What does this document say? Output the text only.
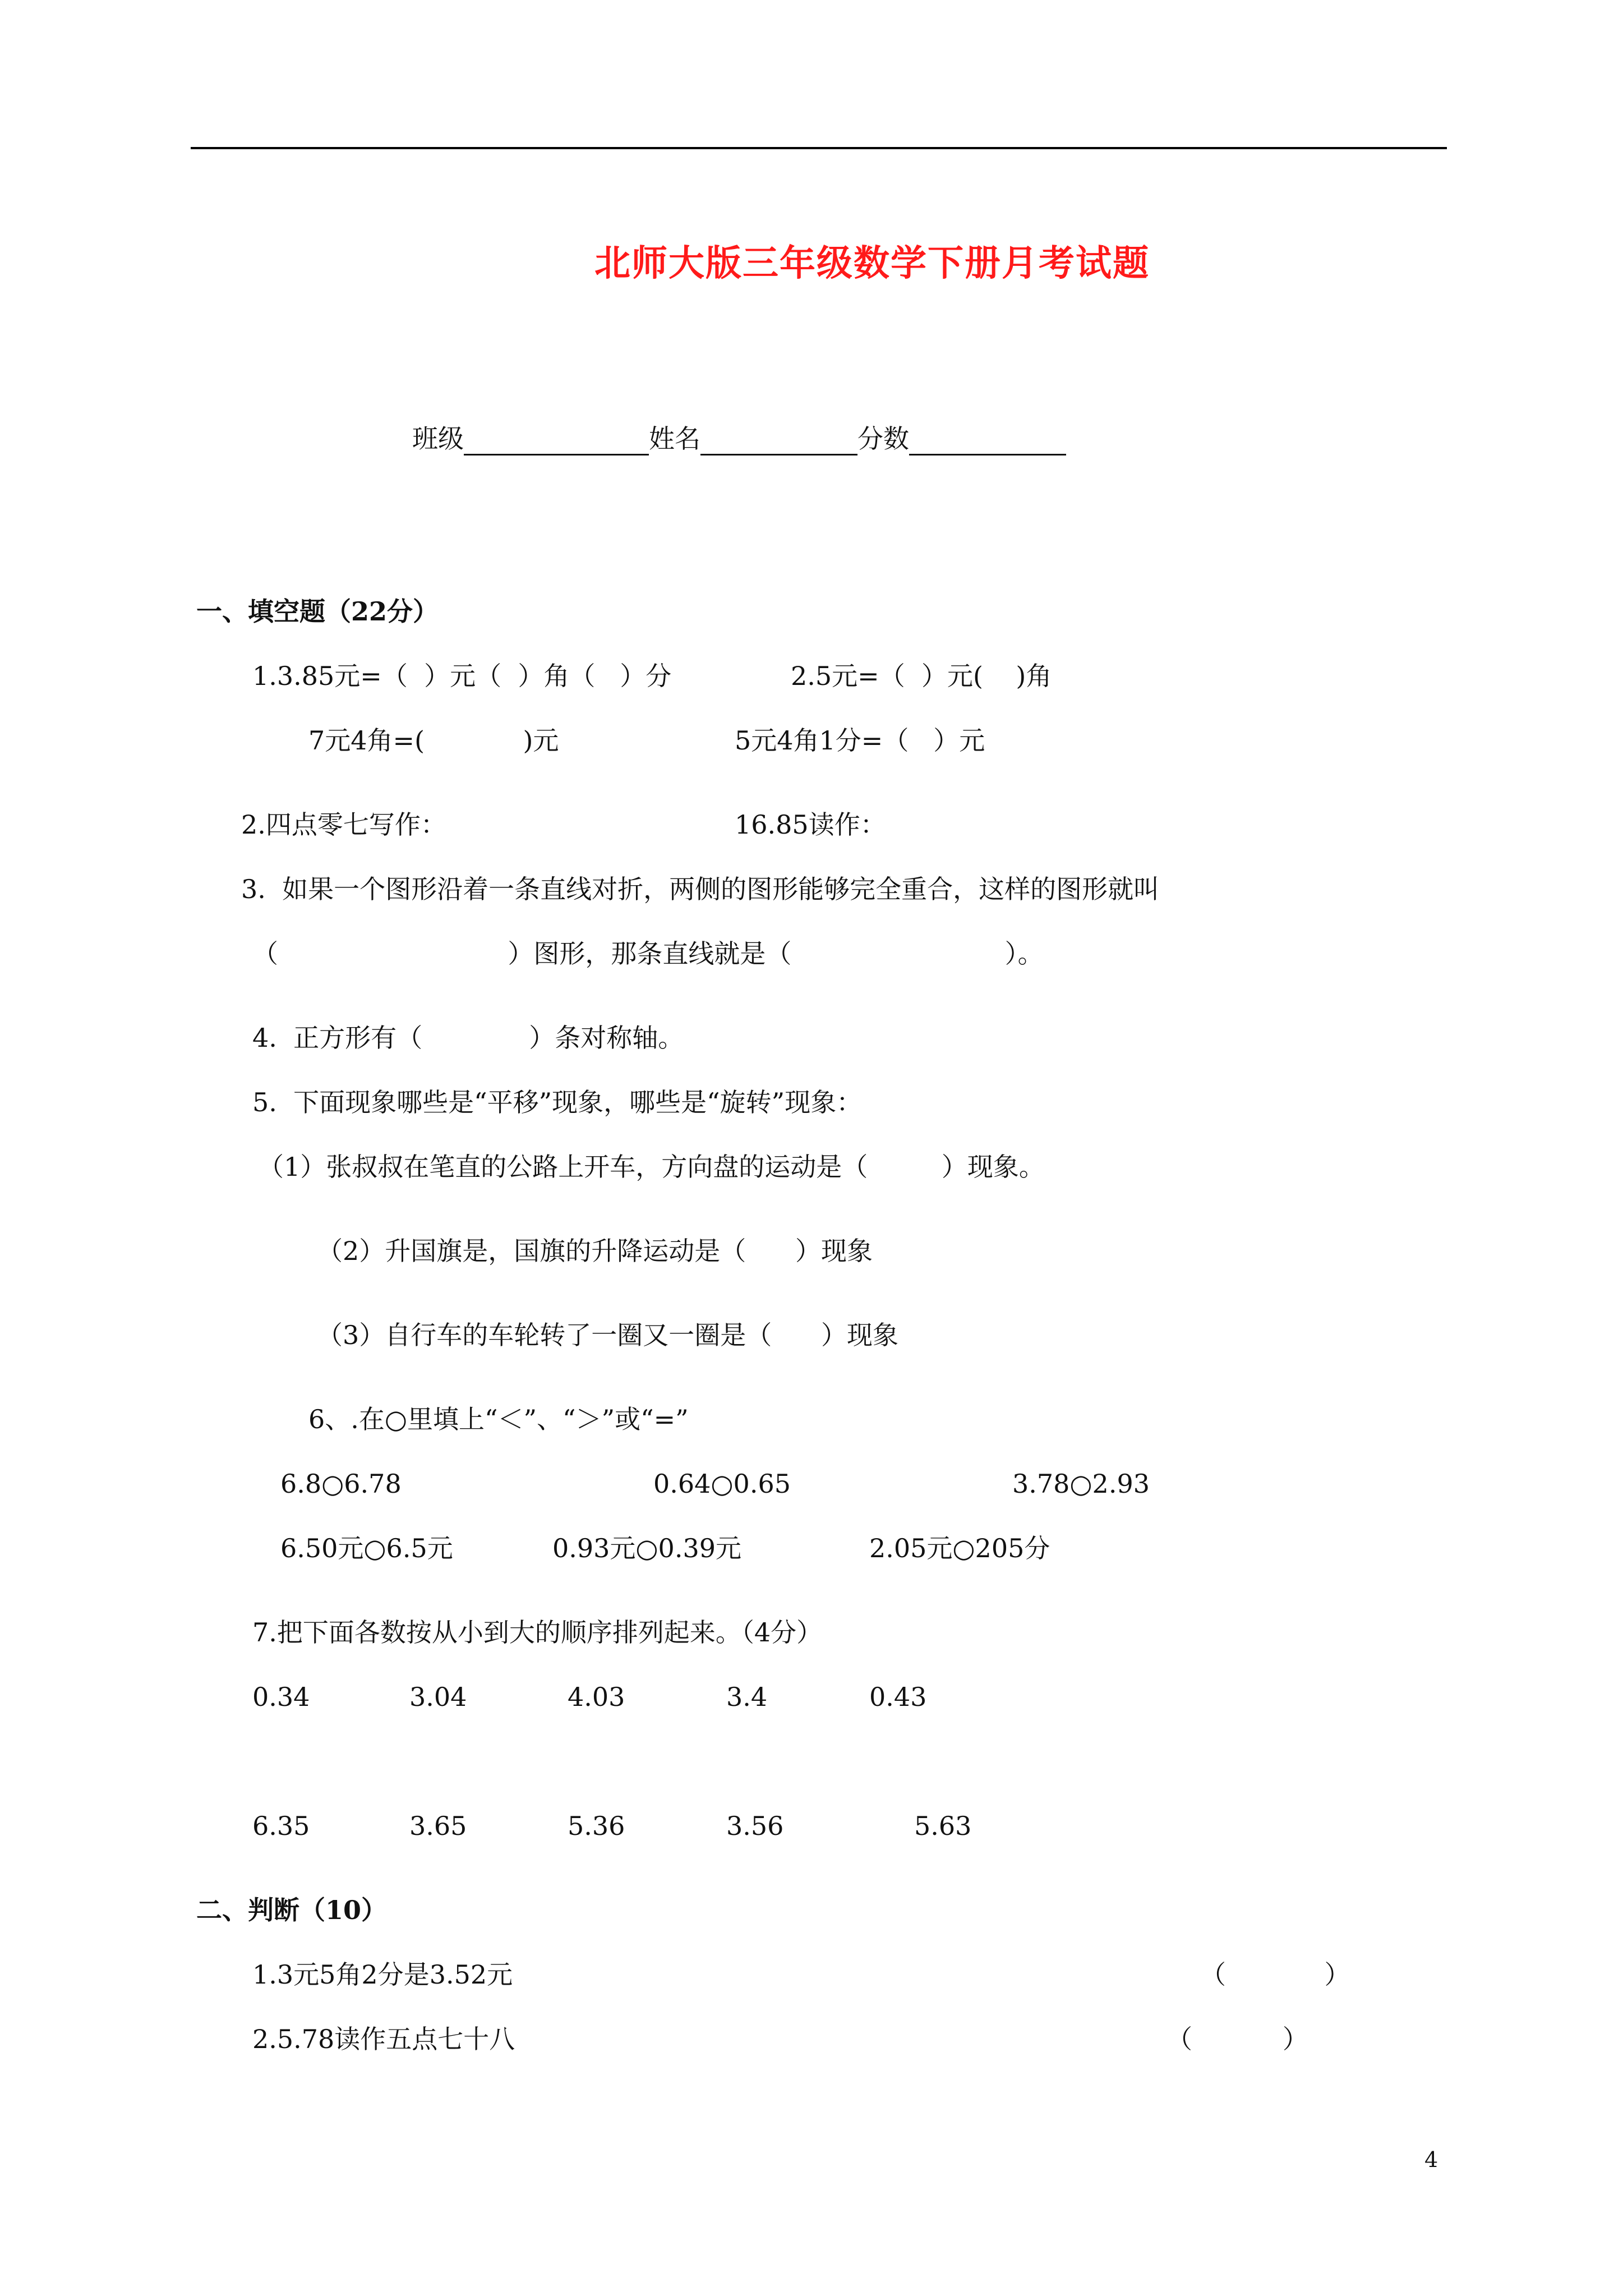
北师大版三年级数学下册月考试题
班级	姓名	分数
一、填空题（22分）
1.3.85元=（  ）元（  ）角（   ）分	2.5元=（  ）元(    )角
7元4角=(            )元	5元4角1分=（   ）元
2.四点零七写作：	16.85读作：
3.  如果一个图形沿着一条直线对折，两侧的图形能够完全重合，这样的图形就叫
（                            ）图形，那条直线就是（                          ）。
4.  正方形有（             ）条对称轴。
5.  下面现象哪些是“平移”现象，哪些是“旋转”现象：
（1）张叔叔在笔直的公路上开车，方向盘的运动是（         ）现象。
（2）升国旗是，国旗的升降运动是（      ）现象
（3）自行车的车轮转了一圈又一圈是（      ）现象
6、.在○里填上“＜”、“＞”或“=”
6.8○6.78	0.64○0.65	3.78○2.93
6.50元○6.5元	0.93元○0.39元	2.05元○205分
7.把下面各数按从小到大的顺序排列起来。（4分）
0.34	3.04	4.03	3.4	0.43
6.35	3.65	5.36	3.56	5.63
二、判断（10）
1.3元5角2分是3.52元	（            ）
2.5.78读作五点七十八	（           ）
4
